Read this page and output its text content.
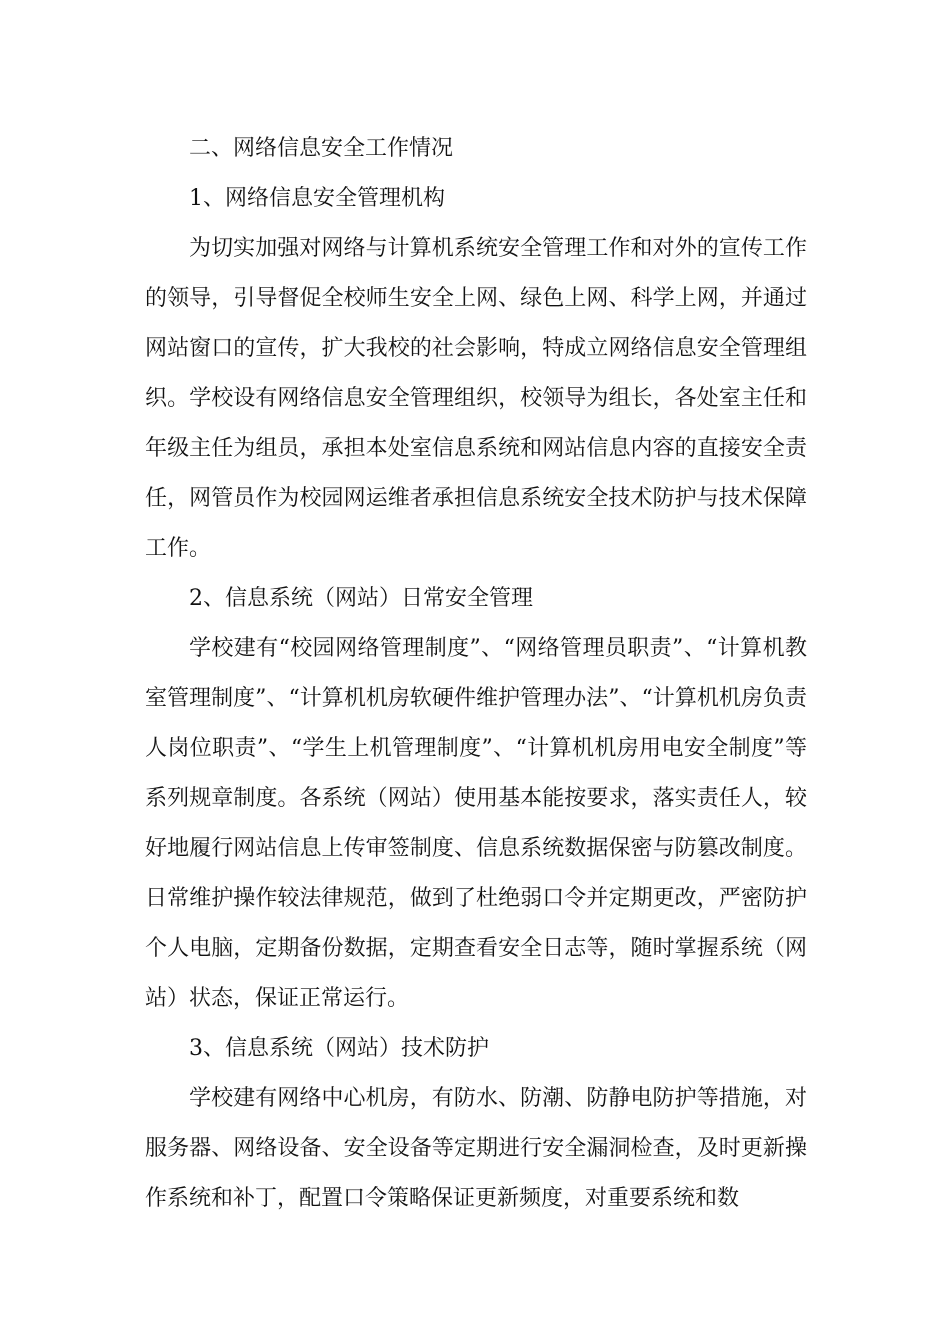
二、网络信息安全工作情况
1、网络信息安全管理机构

为切实加强对网络与计算机系统安全管理工作和对外的宣传工作的领导，引导督促全校师生安全上网、绿色上网、科学上网，并通过网站窗口的宣传，扩大我校的社会影响，特成立网络信息安全管理组织。学校设有网络信息安全管理组织，校领导为组长，各处室主任和年级主任为组员，承担本处室信息系统和网站信息内容的直接安全责任，网管员作为校园网运维者承担信息系统安全技术防护与技术保障工作。

2、信息系统（网站）日常安全管理

学校建有“校园网络管理制度”、“网络管理员职责”、“计算机教室管理制度”、“计算机机房软硬件维护管理办法”、“计算机机房负责人岗位职责”、“学生上机管理制度”、“计算机机房用电安全制度”等系列规章制度。各系统（网站）使用基本能按要求，落实责任人，较好地履行网站信息上传审签制度、信息系统数据保密与防篡改制度。日常维护操作较法律规范，做到了杜绝弱口令并定期更改，严密防护个人电脑，定期备份数据，定期查看安全日志等，随时掌握系统（网站）状态，保证正常运行。

3、信息系统（网站）技术防护

学校建有网络中心机房，有防水、防潮、防静电防护等措施，对服务器、网络设备、安全设备等定期进行安全漏洞检查，及时更新操作系统和补丁，配置口令策略保证更新频度，对重要系统和数
